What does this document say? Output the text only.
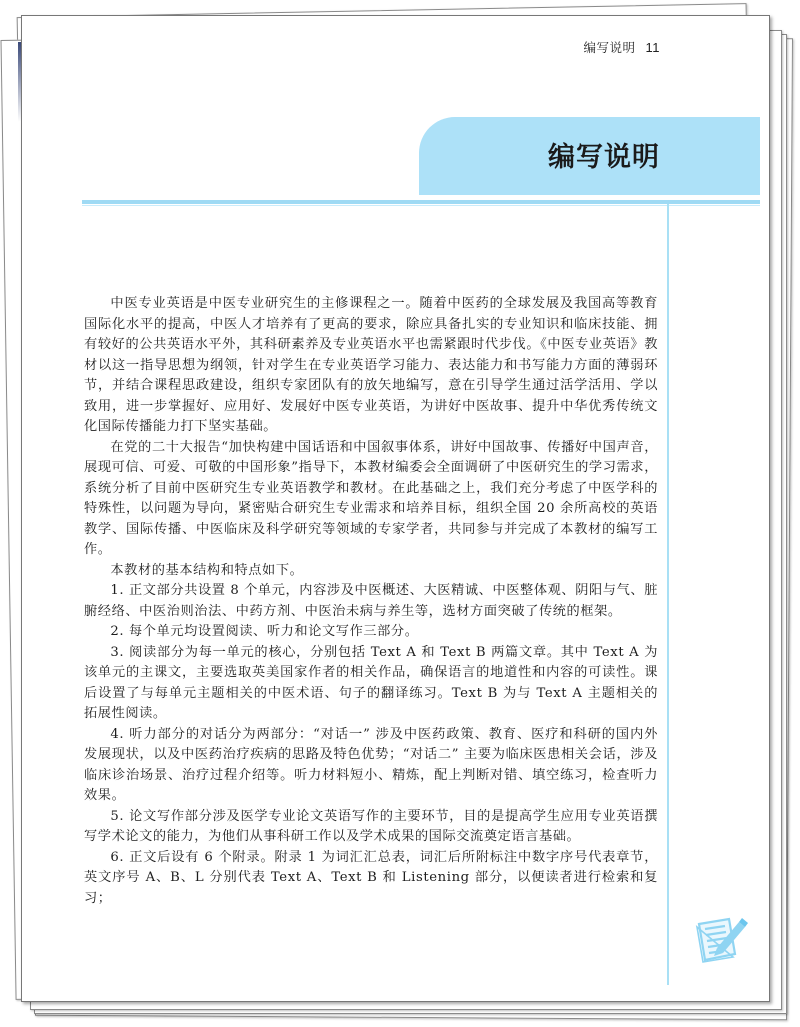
编写说明 11
编写说明

中医专业英语是中医专业研究生的主修课程之一。随着中医药的全球发展及我国高等教育国际化水平的提高，中医人才培养有了更高的要求，除应具备扎实的专业知识和临床技能、拥有较好的公共英语水平外，其科研素养及专业英语水平也需紧跟时代步伐。《中医专业英语》教材以这一指导思想为纲领，针对学生在专业英语学习能力、表达能力和书写能力方面的薄弱环节，并结合课程思政建设，组织专家团队有的放矢地编写，意在引导学生通过活学活用、学以致用，进一步掌握好、应用好、发展好中医专业英语，为讲好中医故事、提升中华优秀传统文化国际传播能力打下坚实基础。

在党的二十大报告“加快构建中国话语和中国叙事体系，讲好中国故事、传播好中国声音，展现可信、可爱、可敬的中国形象”指导下，本教材编委会全面调研了中医研究生的学习需求，系统分析了目前中医研究生专业英语教学和教材。在此基础之上，我们充分考虑了中医学科的特殊性，以问题为导向，紧密贴合研究生专业需求和培养目标，组织全国 20 余所高校的英语教学、国际传播、中医临床及科学研究等领域的专家学者，共同参与并完成了本教材的编写工作。

本教材的基本结构和特点如下。

1. 正文部分共设置 8 个单元，内容涉及中医概述、大医精诚、中医整体观、阴阳与气、脏腑经络、中医治则治法、中药方剂、中医治未病与养生等，选材方面突破了传统的框架。

2. 每个单元均设置阅读、听力和论文写作三部分。

3. 阅读部分为每一单元的核心，分别包括 Text A 和 Text B 两篇文章。其中 Text A 为该单元的主课文，主要选取英美国家作者的相关作品，确保语言的地道性和内容的可读性。课后设置了与每单元主题相关的中医术语、句子的翻译练习。Text B 为与 Text A 主题相关的拓展性阅读。

4. 听力部分的对话分为两部分：“对话一” 涉及中医药政策、教育、医疗和科研的国内外发展现状，以及中医药治疗疾病的思路及特色优势；“对话二” 主要为临床医患相关会话，涉及临床诊治场景、治疗过程介绍等。听力材料短小、精炼，配上判断对错、填空练习，检查听力效果。

5. 论文写作部分涉及医学专业论文英语写作的主要环节，目的是提高学生应用专业英语撰写学术论文的能力，为他们从事科研工作以及学术成果的国际交流奠定语言基础。

6. 正文后设有 6 个附录。附录 1 为词汇汇总表，词汇后所附标注中数字序号代表章节，英文序号 A、B、L 分别代表 Text A、Text B 和 Listening 部分，以便读者进行检索和复习；
